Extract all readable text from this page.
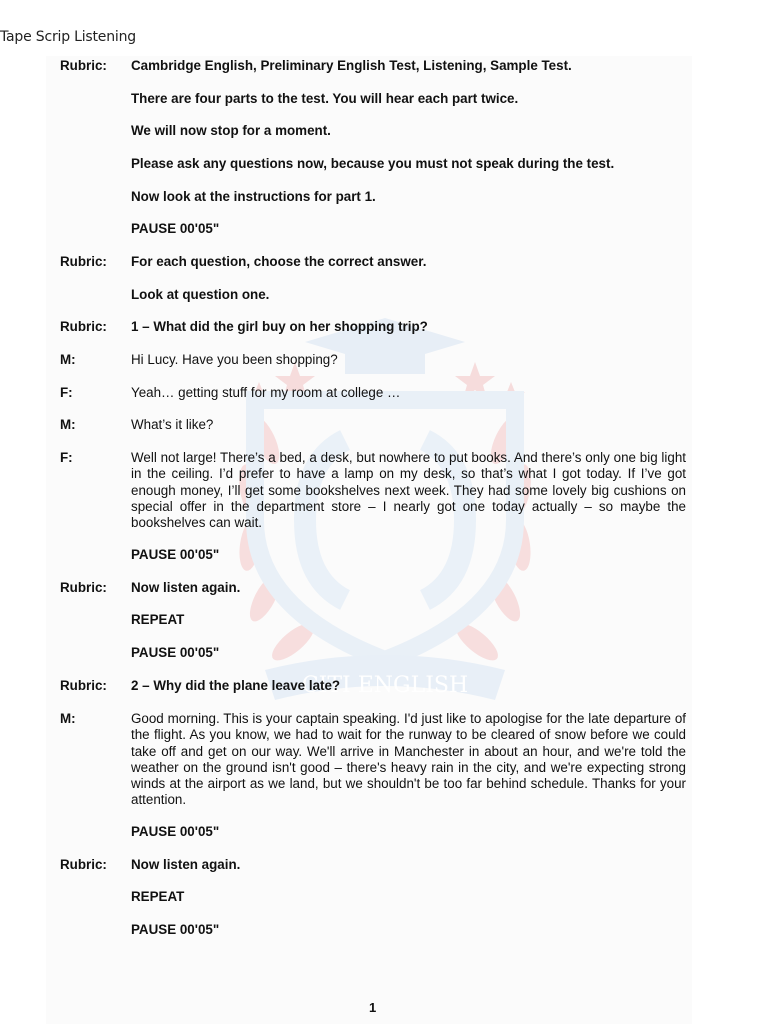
Tape Scrip Listening
CITI ENGLISH
Rubric: Cambridge English, Preliminary English Test, Listening, Sample Test.
There are four parts to the test. You will hear each part twice.
We will now stop for a moment.
Please ask any questions now, because you must not speak during the test.
Now look at the instructions for part 1.
PAUSE 00'05"
Rubric: For each question, choose the correct answer.
Look at question one.
Rubric: 1 – What did the girl buy on her shopping trip?
M:	Hi Lucy. Have you been shopping?
F:	Yeah… getting stuff for my room at college …
M:	What’s it like?
F:	Well not large! There’s a bed, a desk, but nowhere to put books. And there’s only one big light in the ceiling. I’d prefer to have a lamp on my desk, so that’s what I got today. If I’ve got enough money, I’ll get some bookshelves next week. They had some lovely big cushions on special offer in the department store – I nearly got one today actually – so maybe the bookshelves can wait.
PAUSE 00'05"
Rubric: Now listen again.
REPEAT
PAUSE 00'05"
Rubric: 2 – Why did the plane leave late?
M:	Good morning. This is your captain speaking. I'd just like to apologise for the late departure of the flight. As you know, we had to wait for the runway to be cleared of snow before we could take off and get on our way. We'll arrive in Manchester in about an hour, and we're told the weather on the ground isn't good – there's heavy rain in the city, and we're expecting strong winds at the airport as we land, but we shouldn't be too far behind schedule. Thanks for your attention.
PAUSE 00'05"
Rubric: Now listen again.
REPEAT
PAUSE 00'05"
1
